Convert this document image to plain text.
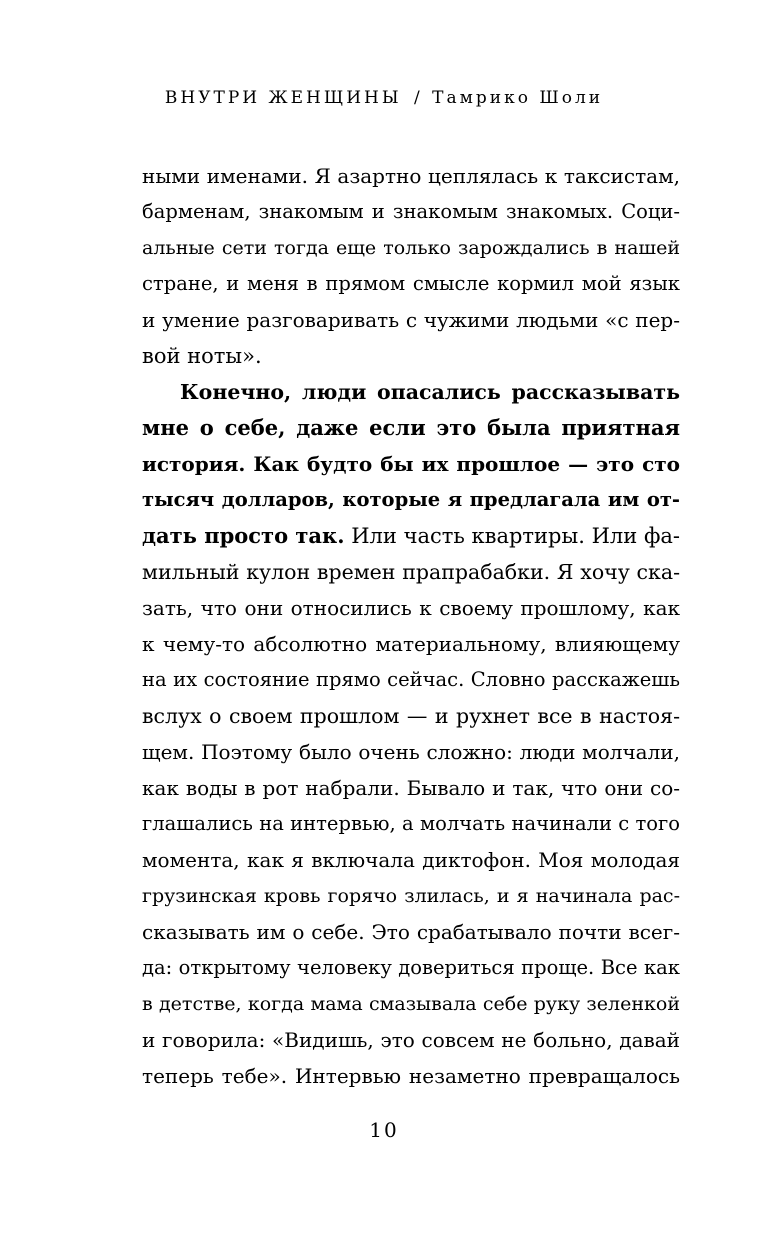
ВНУТРИ ЖЕНЩИНЫ / Тамрико Шоли
ными именами. Я азартно цеплялась к таксистам,
барменам, знакомым и знакомым знакомых. Соци-
альные сети тогда еще только зарождались в нашей
стране, и меня в прямом смысле кормил мой язык
и умение разговаривать с чужими людьми «с пер-
вой ноты».
Конечно, люди опасались рассказывать
мне о себе, даже если это была приятная
история. Как будто бы их прошлое — это сто
тысяч долларов, которые я предлагала им от-
дать просто так. Или часть квартиры. Или фа-
мильный кулон времен прапрабабки. Я хочу ска-
зать, что они относились к своему прошлому, как
к чему-то абсолютно материальному, влияющему
на их состояние прямо сейчас. Словно расскажешь
вслух о своем прошлом — и рухнет все в настоя-
щем. Поэтому было очень сложно: люди молчали,
как воды в рот набрали. Бывало и так, что они со-
глашались на интервью, а молчать начинали с того
момента, как я включала диктофон. Моя молодая
грузинская кровь горячо злилась, и я начинала рас-
сказывать им о себе. Это срабатывало почти всег-
да: открытому человеку довериться проще. Все как
в детстве, когда мама смазывала себе руку зеленкой
и говорила: «Видишь, это совсем не больно, давай
теперь тебе». Интервью незаметно превращалось
10
